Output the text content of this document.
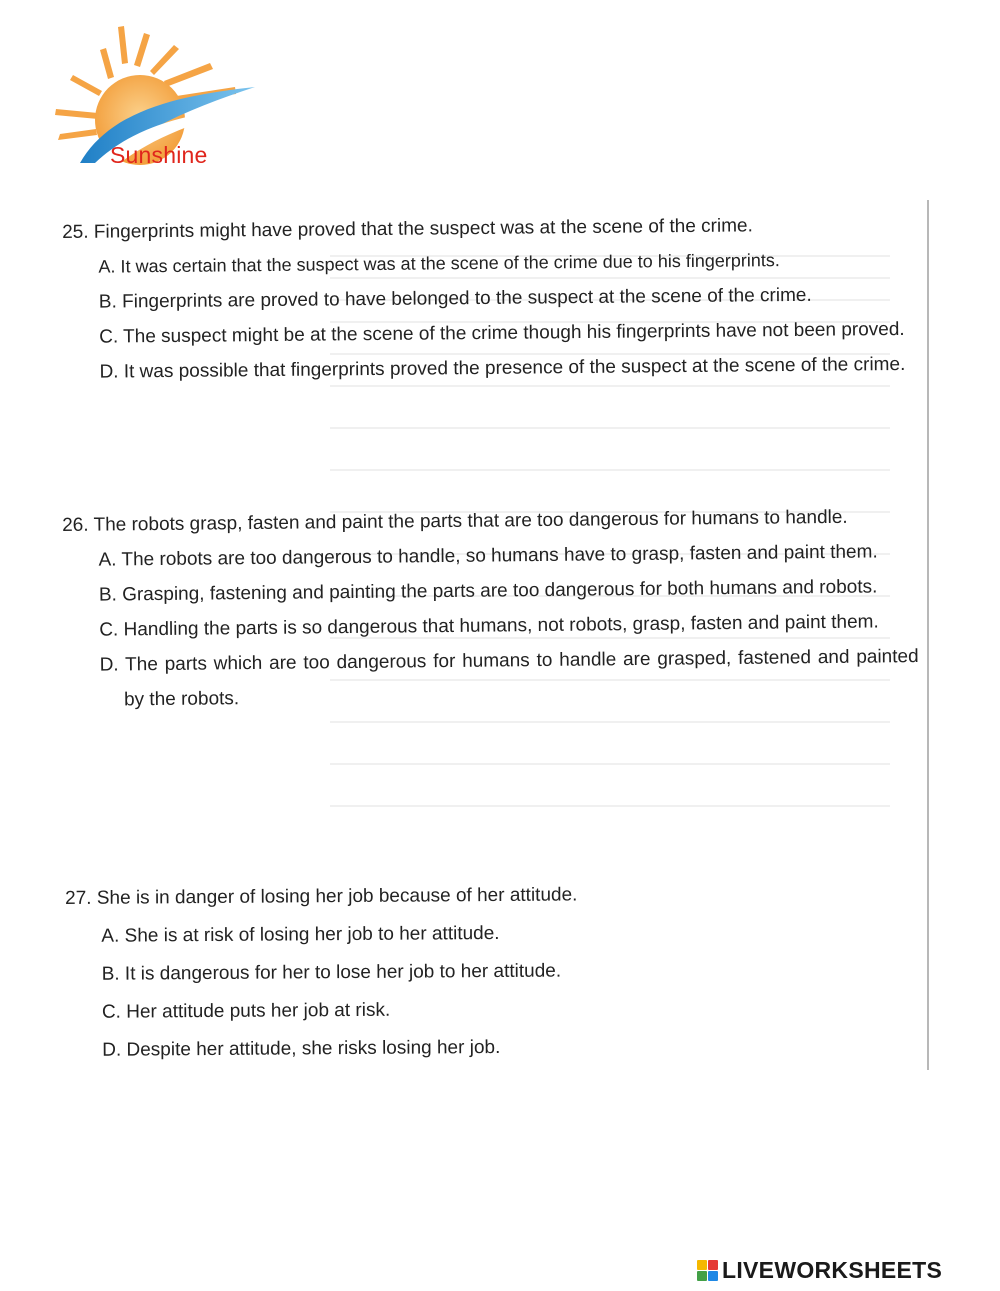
Sunshine
25. Fingerprints might have proved that the suspect was at the scene of the crime.
A. It was certain that the suspect was at the scene of the crime due to his fingerprints.
B. Fingerprints are proved to have belonged to the suspect at the scene of the crime.
C. The suspect might be at the scene of the crime though his fingerprints have not been proved.
D. It was possible that fingerprints proved the presence of the suspect at the scene of the crime.
26. The robots grasp, fasten and paint the parts that are too dangerous for humans to handle.
A. The robots are too dangerous to handle, so humans have to grasp, fasten and paint them.
B. Grasping, fastening and painting the parts are too dangerous for both humans and robots.
C. Handling the parts is so dangerous that humans, not robots, grasp, fasten and paint them.
D. The parts which are too dangerous for humans to handle are grasped, fastened and painted by the robots.
27. She is in danger of losing her job because of her attitude.
A. She is at risk of losing her job to her attitude.
B. It is dangerous for her to lose her job to her attitude.
C. Her attitude puts her job at risk.
D. Despite her attitude, she risks losing her job.
LIVEWORKSHEETS
